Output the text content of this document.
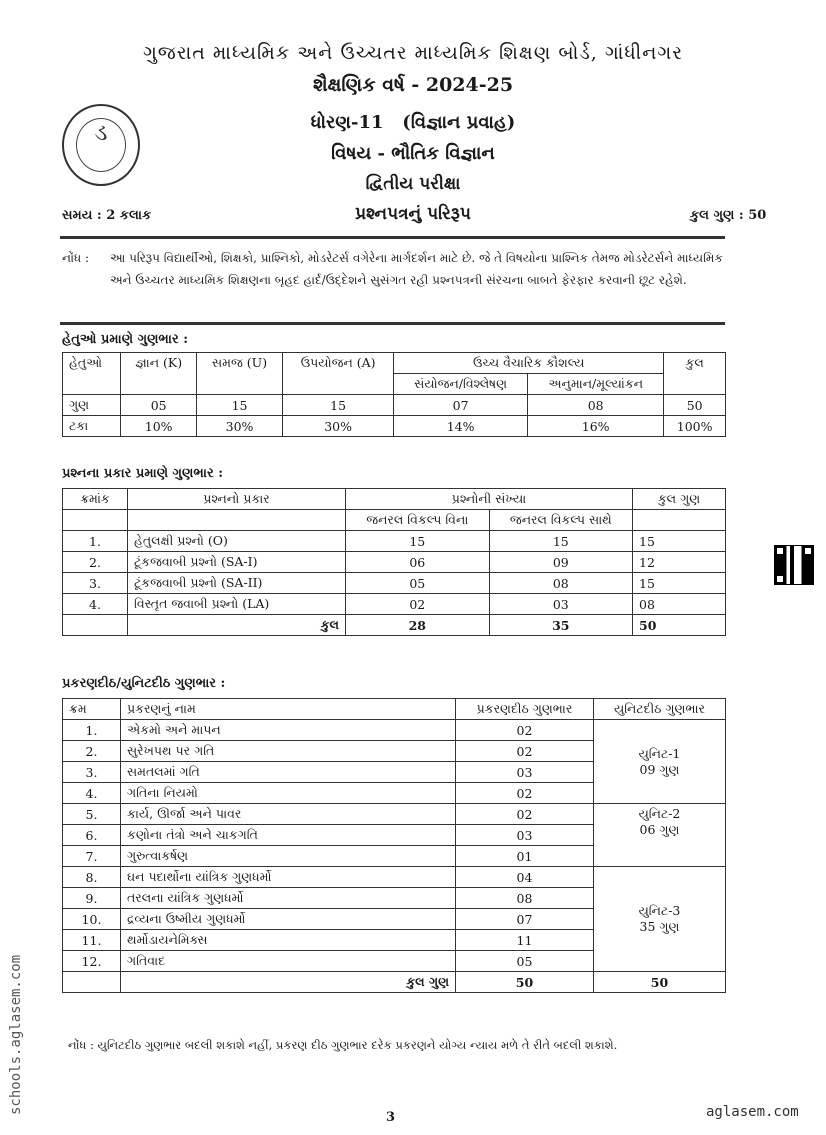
ગુજરાત માધ્યમિક અને ઉચ્ચતર માધ્યમિક શિક્ષણ બોર્ડ, ગાંધીનગર
શૈક્ષણિક વર્ષ - 2024-25
ડ	ધોરણ-11   (વિજ્ઞાન પ્રવાહ)
વિષય - ભૌતિક વિજ્ઞાન
દ્વિતીય પરીક્ષા
પ્રશ્નપત્રનું પરિરૂપ
સમય : 2 કલાક	કુલ ગુણ : 50
નોંધ : આ પરિરૂપ વિદ્યાર્થીઓ, શિક્ષકો, પ્રાશ્નિકો, મોડરેટર્સ વગેરેના માર્ગદર્શન માટે છે. જે તે વિષયોના પ્રાશ્નિક તેમજ મોડરેટર્સને માધ્યમિક અને ઉચ્ચતર માધ્યમિક શિક્ષણના બૃહદ હાર્દ/ઉદ્દેશને સુસંગત રહી પ્રશ્નપત્રની સંરચના બાબતે ફેરફાર કરવાની છૂટ રહેશે.
હેતુઓ પ્રમાણે ગુણભાર :
હેતુઓ	જ્ઞાન (K)	સમજ (U)	ઉપયોજન (A)	ઉચ્ચ વૈચારિક કૌશલ્ય		કુલ
				સંયોજન/વિશ્લેષણ	અનુમાન/મૂલ્યાંકન	
ગુણ	05	15	15	07	08	50
ટકા	10%	30%	30%	14%	16%	100%
પ્રશ્નના પ્રકાર પ્રમાણે ગુણભાર :
ક્રમાંક	પ્રશ્નનો પ્રકાર	પ્રશ્નોની સંખ્યા		કુલ ગુણ
		જનરલ વિકલ્પ વિના	જનરલ વિકલ્પ સાથે	
1.	હેતુલક્ષી પ્રશ્નો (O)	15	15	15
2.	ટૂંકજવાબી પ્રશ્નો (SA-I)	06	09	12
3.	ટૂંકજવાબી પ્રશ્નો (SA-II)	05	08	15
4.	વિસ્તૃત જવાબી પ્રશ્નો (LA)	02	03	08
	કુલ	28	35	50
પ્રકરણદીઠ/યુનિટદીઠ ગુણભાર :
ક્રમ	પ્રકરણનું નામ	પ્રકરણદીઠ ગુણભાર	યુનિટદીઠ ગુણભાર
1.	એકમો અને માપન	02	યુનિટ-1
09 ગુણ
2.	સુરેખપથ પર ગતિ	02	
3.	સમતલમાં ગતિ	03	
4.	ગતિના નિયમો	02	
5.	કાર્ય, ઊર્જા અને પાવર	02	યુનિટ-2
06 ગુણ
6.	કણોના તંત્રો અને ચાકગતિ	03	
7.	ગુરુત્વાકર્ષણ	01	
8.	ઘન પદાર્થોના યાંત્રિક ગુણધર્મો	04	યુનિટ-3
35 ગુણ
9.	તરલના યાંત્રિક ગુણધર્મો	08	
10.	દ્રવ્યના ઉષ્મીય ગુણધર્મો	07	
11.	થર્મોડાયનેમિક્સ	11	
12.	ગતિવાદ	05	
	કુલ ગુણ	50	50
નોંધ : યુનિટદીઠ ગુણભાર બદલી શકાશે નહીં, પ્રકરણ દીઠ ગુણભાર દરેક પ્રકરણને યોગ્ય ન્યાય મળે તે રીતે બદલી શકાશે.
schools.aglasem.com	aglasem.com
3
